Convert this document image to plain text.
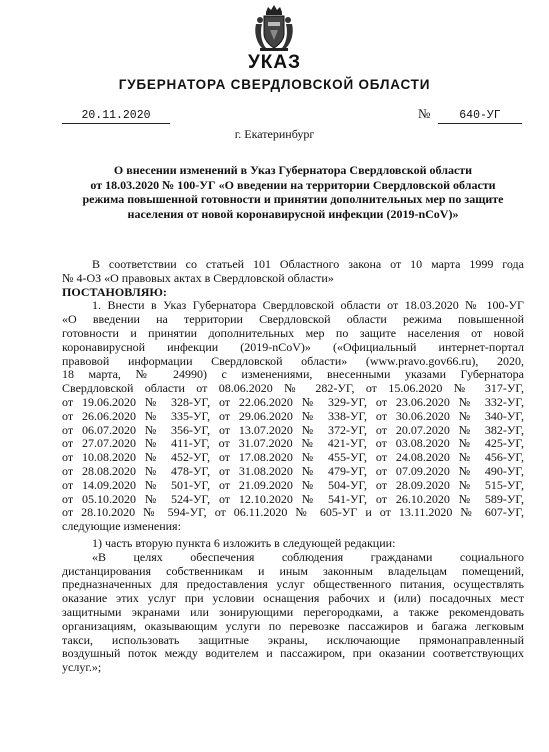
УКАЗ
ГУБЕРНАТОРА СВЕРДЛОВСКОЙ ОБЛАСТИ
20.11.2020	№	640-УГ
г. Екатеринбург
О внесении изменений в Указ Губернатора Свердловской области
от 18.03.2020 № 100-УГ «О введении на территории Свердловской области
режима повышенной готовности и принятии дополнительных мер по защите
населения от новой коронавирусной инфекции (2019-nCoV)»

В соответствии со статьей 101 Областного закона от 10 марта 1999 года

№ 4-ОЗ «О правовых актах в Свердловской области»

ПОСТАНОВЛЯЮ:

1. Внести в Указ Губернатора Свердловской области от 18.03.2020 № 100-УГ

«О введении на территории Свердловской области режима повышенной

готовности и принятии дополнительных мер по защите населения от новой

коронавирусной инфекции (2019-nCoV)» («Официальный интернет-портал

правовой информации Свердловской области» (www.pravo.gov66.ru), 2020,

18 марта, № 24990) с изменениями, внесенными указами Губернатора

Свердловской области от 08.06.2020 № 282-УГ, от 15.06.2020 № 317-УГ,

от 19.06.2020 № 328-УГ, от 22.06.2020 № 329-УГ, от 23.06.2020 № 332-УГ,

от 26.06.2020 № 335-УГ, от 29.06.2020 № 338-УГ, от 30.06.2020 № 340-УГ,

от 06.07.2020 № 356-УГ, от 13.07.2020 № 372-УГ, от 20.07.2020 № 382-УГ,

от 27.07.2020 № 411-УГ, от 31.07.2020 № 421-УГ, от 03.08.2020 № 425-УГ,

от 10.08.2020 № 452-УГ, от 17.08.2020 № 455-УГ, от 24.08.2020 № 456-УГ,

от 28.08.2020 № 478-УГ, от 31.08.2020 № 479-УГ, от 07.09.2020 № 490-УГ,

от 14.09.2020 № 501-УГ, от 21.09.2020 № 504-УГ, от 28.09.2020 № 515-УГ,

от 05.10.2020 № 524-УГ, от 12.10.2020 № 541-УГ, от 26.10.2020 № 589-УГ,

от 28.10.2020 № 594-УГ, от 06.11.2020 № 605-УГ и от 13.11.2020 № 607-УГ,

следующие изменения:

1) часть вторую пункта 6 изложить в следующей редакции:

«В целях обеспечения соблюдения гражданами социального

дистанцирования собственникам и иным законным владельцам помещений,

предназначенных для предоставления услуг общественного питания, осуществлять

оказание этих услуг при условии оснащения рабочих и (или) посадочных мест

защитными экранами или зонирующими перегородками, а также рекомендовать

организациям, оказывающим услуги по перевозке пассажиров и багажа легковым

такси, использовать защитные экраны, исключающие прямонаправленный

воздушный поток между водителем и пассажиром, при оказании соответствующих

услуг.»;
